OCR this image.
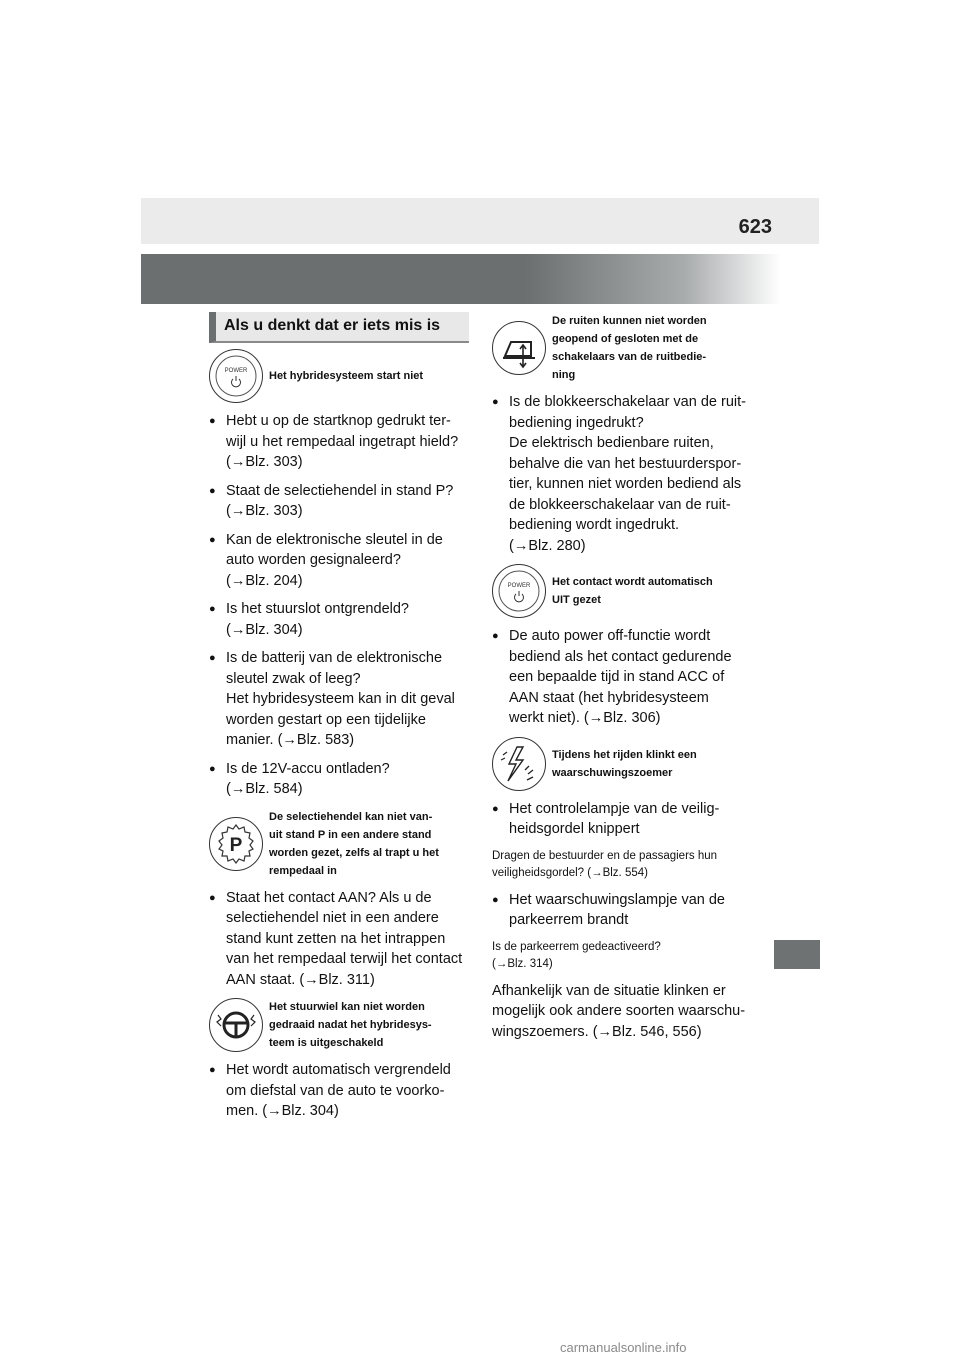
623
Als u denkt dat er iets mis is
POWER Het hybridesysteem start niet
● Hebt u op de startknop gedrukt ter-
wijl u het rempedaal ingetrapt hield?
(→Blz. 303)
● Staat de selectiehendel in stand P?
(→Blz. 303)
● Kan de elektronische sleutel in de
auto worden gesignaleerd?
(→Blz. 204)
● Is het stuurslot ontgrendeld?
(→Blz. 304)
● Is de batterij van de elektronische
sleutel zwak of leeg?
Het hybridesysteem kan in dit geval
worden gestart op een tijdelijke
manier. (→Blz. 583)
● Is de 12V-accu ontladen?
(→Blz. 584)
P
De selectiehendel kan niet van-
uit stand P in een andere stand
worden gezet, zelfs al trapt u het
rempedaal in
● Staat het contact AAN? Als u de
selectiehendel niet in een andere
stand kunt zetten na het intrappen
van het rempedaal terwijl het contact
AAN staat. (→Blz. 311)
Het stuurwiel kan niet worden
gedraaid nadat het hybridesys-
teem is uitgeschakeld
● Het wordt automatisch vergrendeld
om diefstal van de auto te voorko-
men. (→Blz. 304)
De ruiten kunnen niet worden
geopend of gesloten met de
schakelaars van de ruitbedie-
ning
● Is de blokkeerschakelaar van de ruit-
bediening ingedrukt?
De elektrisch bedienbare ruiten,
behalve die van het bestuurderspor-
tier, kunnen niet worden bediend als
de blokkeerschakelaar van de ruit-
bediening wordt ingedrukt.
(→Blz. 280)
POWER Het contact wordt automatisch
UIT gezet
● De auto power off-functie wordt
bediend als het contact gedurende
een bepaalde tijd in stand ACC of
AAN staat (het hybridesysteem
werkt niet). (→Blz. 306)
Tijdens het rijden klinkt een
waarschuwingszoemer
● Het controlelampje van de veilig-
heidsgordel knippert
Dragen de bestuurder en de passagiers hun
veiligheidsgordel? (→Blz. 554)
● Het waarschuwingslampje van de
parkeerrem brandt
Is de parkeerrem gedeactiveerd?
(→Blz. 314)
Afhankelijk van de situatie klinken er
mogelijk ook andere soorten waarschu-
wingszoemers. (→Blz. 546, 556)
carmanualsonline.info
